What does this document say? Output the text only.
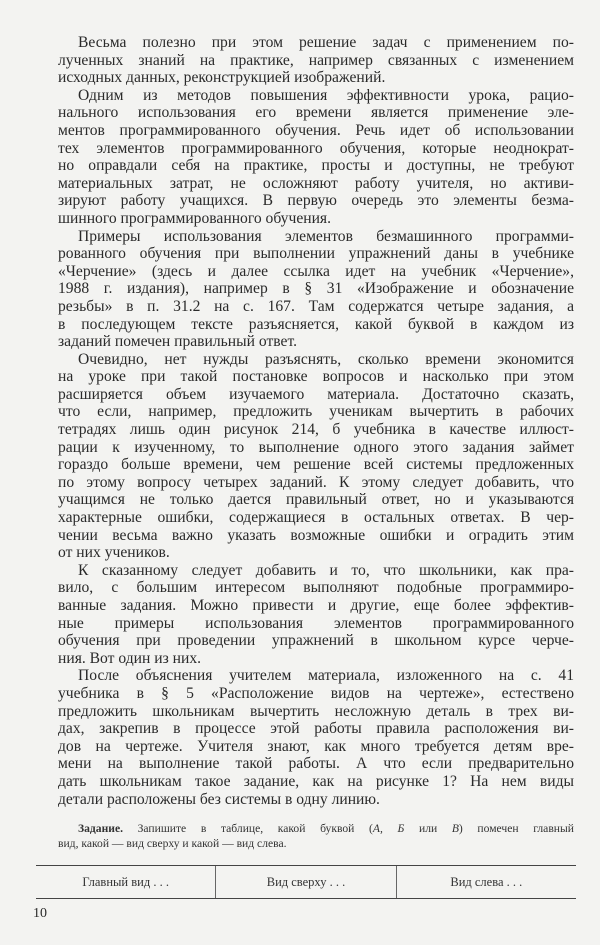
Весьма полезно при этом решение задач с применением по-
лученных знаний на практике, например связанных с изменением
исходных данных, реконструкцией изображений.
Одним из методов повышения эффективности урока, рацио-
нального использования его времени является применение эле-
ментов программированного обучения. Речь идет об использовании
тех элементов программированного обучения, которые неоднократ-
но оправдали себя на практике, просты и доступны, не требуют
материальных затрат, не осложняют работу учителя, но активи-
зируют работу учащихся. В первую очередь это элементы безма-
шинного программированного обучения.
Примеры использования элементов безмашинного программи-
рованного обучения при выполнении упражнений даны в учебнике
«Черчение» (здесь и далее ссылка идет на учебник «Черчение»,
1988 г. издания), например в § 31 «Изображение и обозначение
резьбы» в п. 31.2 на с. 167. Там содержатся четыре задания, а
в последующем тексте разъясняется, какой буквой в каждом из
заданий помечен правильный ответ.
Очевидно, нет нужды разъяснять, сколько времени экономится
на уроке при такой постановке вопросов и насколько при этом
расширяется объем изучаемого материала. Достаточно сказать,
что если, например, предложить ученикам вычертить в рабочих
тетрадях лишь один рисунок 214, б учебника в качестве иллюст-
рации к изученному, то выполнение одного этого задания займет
гораздо больше времени, чем решение всей системы предложенных
по этому вопросу четырех заданий. К этому следует добавить, что
учащимся не только дается правильный ответ, но и указываются
характерные ошибки, содержащиеся в остальных ответах. В чер-
чении весьма важно указать возможные ошибки и оградить этим
от них учеников.
К сказанному следует добавить и то, что школьники, как пра-
вило, с большим интересом выполняют подобные программиро-
ванные задания. Можно привести и другие, еще более эффектив-
ные примеры использования элементов программированного
обучения при проведении упражнений в школьном курсе черче-
ния. Вот один из них.
После объяснения учителем материала, изложенного на с. 41
учебника в § 5 «Расположение видов на чертеже», естествено
предложить школьникам вычертить несложную деталь в трех ви-
дах, закрепив в процессе этой работы правила расположения ви-
дов на чертеже. Учителя знают, как много требуется детям вре-
мени на выполнение такой работы. А что если предварительно
дать школьникам такое задание, как на рисунке 1? На нем виды
детали расположены без системы в одну линию.
Задание. Запишите в таблице, какой буквой (А, Б или В) помечен главный
вид, какой — вид сверху и какой — вид слева.
Главный вид . . .	Вид сверху . . .	Вид слева . . .
10
